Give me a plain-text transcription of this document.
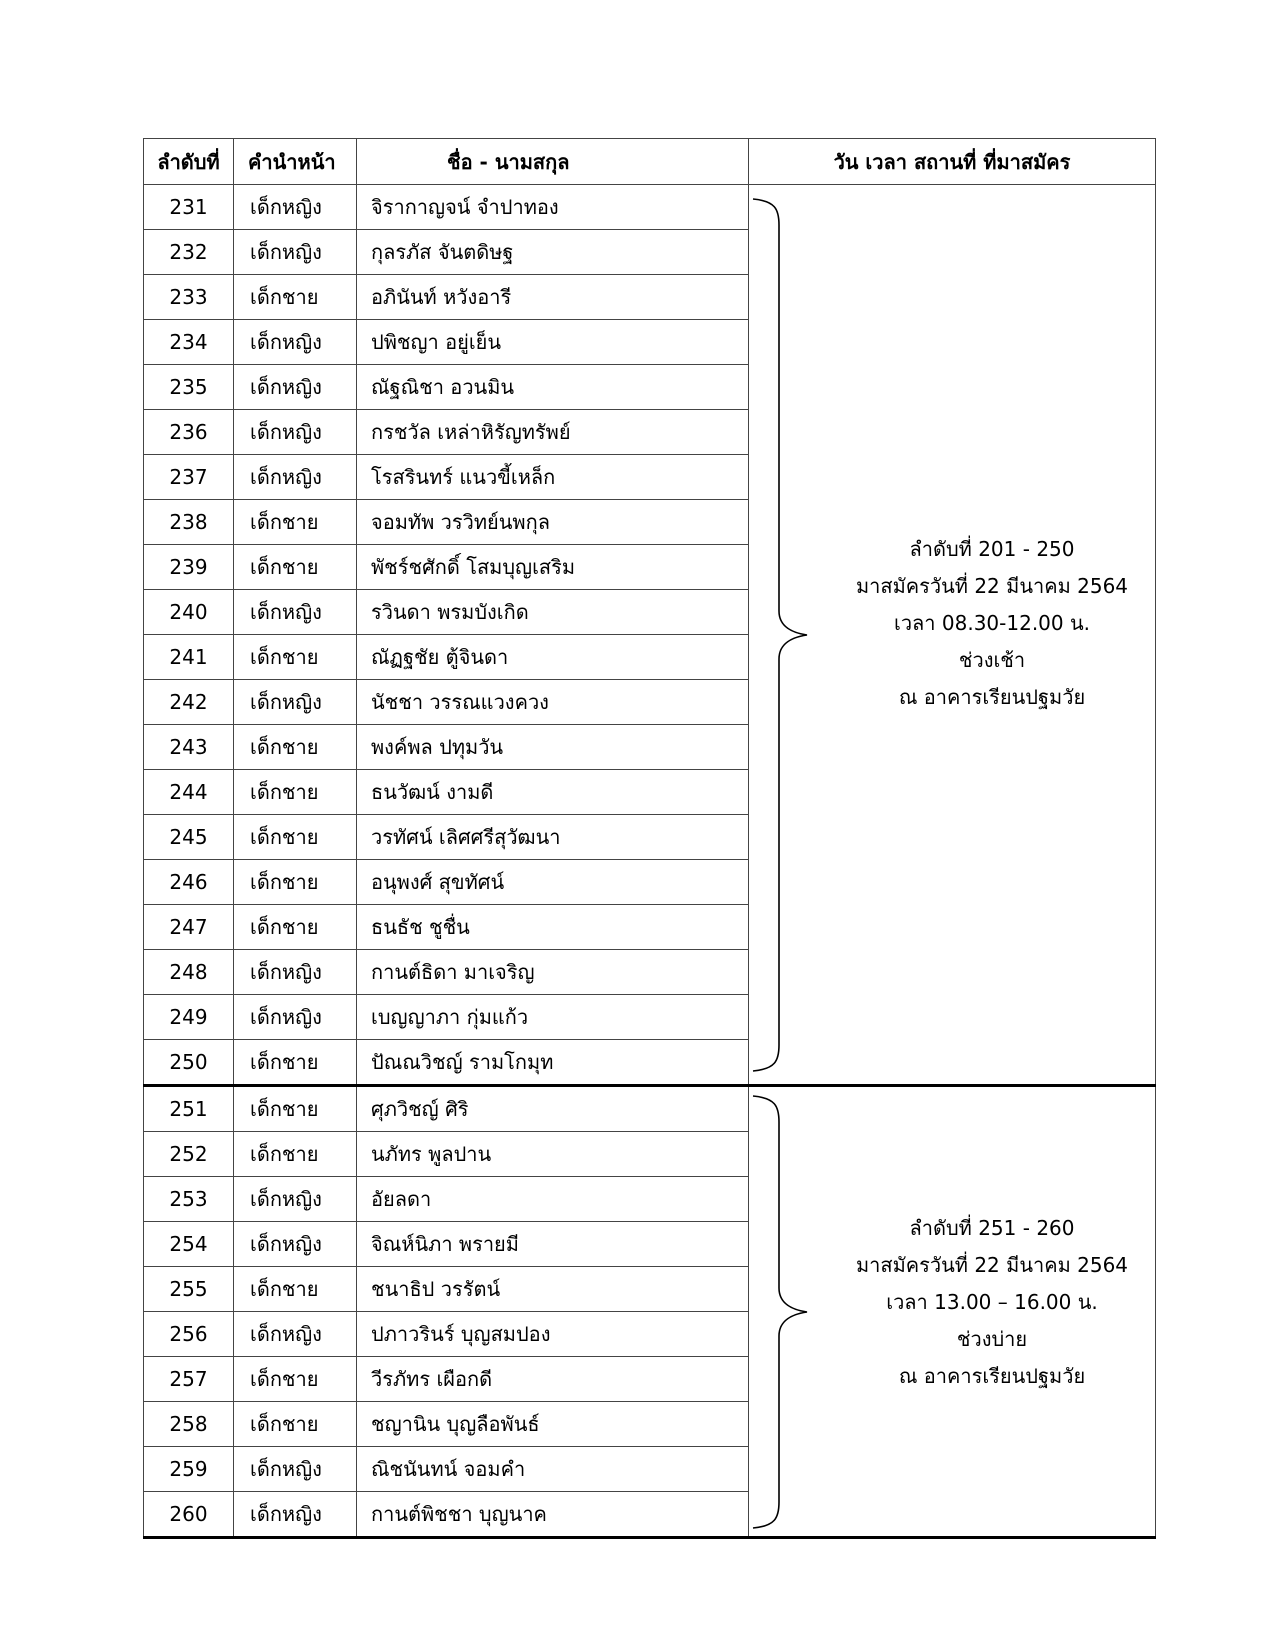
ลำดับที่	คำนำหน้า	ชื่อ - นามสกุล	วัน เวลา สถานที่ ที่มาสมัคร
231	เด็กหญิง	จิรากาญจน์ จำปาทอง	ลำดับที่ 201 - 250
มาสมัครวันที่ 22 มีนาคม 2564
เวลา 08.30-12.00 น.
ช่วงเช้า
ณ อาคารเรียนปฐมวัย

232	เด็กหญิง	กุลรภัส จันตดิษฐ	
233	เด็กชาย	อภินันท์ หวังอารี	
234	เด็กหญิง	ปพิชญา อยู่เย็น	
235	เด็กหญิง	ณัฐณิชา อวนมิน	
236	เด็กหญิง	กรชวัล เหล่าหิรัญทรัพย์	
237	เด็กหญิง	โรสรินทร์ แนวขี้เหล็ก	
238	เด็กชาย	จอมทัพ วรวิทย์นพกุล	
239	เด็กชาย	พัชร์ชศักดิ์ โสมบุญเสริม	
240	เด็กหญิง	รวินดา พรมบังเกิด	
241	เด็กชาย	ณัฏฐชัย ตู้จินดา	
242	เด็กหญิง	นัชชา วรรณแวงควง	
243	เด็กชาย	พงค์พล ปทุมวัน	
244	เด็กชาย	ธนวัฒน์ งามดี	
245	เด็กชาย	วรทัศน์ เลิศศรีสุวัฒนา	
246	เด็กชาย	อนุพงศ์ สุขทัศน์	
247	เด็กชาย	ธนธัช ชูชื่น	
248	เด็กหญิง	กานต์ธิดา มาเจริญ	
249	เด็กหญิง	เบญญาภา กุ่มแก้ว	
250	เด็กชาย	ปัณณวิชญ์ รามโกมุท	
251	เด็กชาย	ศุภวิชญ์ ศิริ	ลำดับที่ 251 - 260
มาสมัครวันที่ 22 มีนาคม 2564
เวลา 13.00 – 16.00 น.
ช่วงบ่าย
ณ อาคารเรียนปฐมวัย

252	เด็กชาย	นภัทร พูลปาน	
253	เด็กหญิง	อัยลดา	
254	เด็กหญิง	จิณห์นิภา พรายมี	
255	เด็กชาย	ชนาธิป วรรัตน์	
256	เด็กหญิง	ปภาวรินร์ บุญสมปอง	
257	เด็กชาย	วีรภัทร เผือกดี	
258	เด็กชาย	ชญานิน บุญลือพันธ์	
259	เด็กหญิง	ณิชนันทน์ จอมคำ	
260	เด็กหญิง	กานต์พิชชา บุญนาค	
